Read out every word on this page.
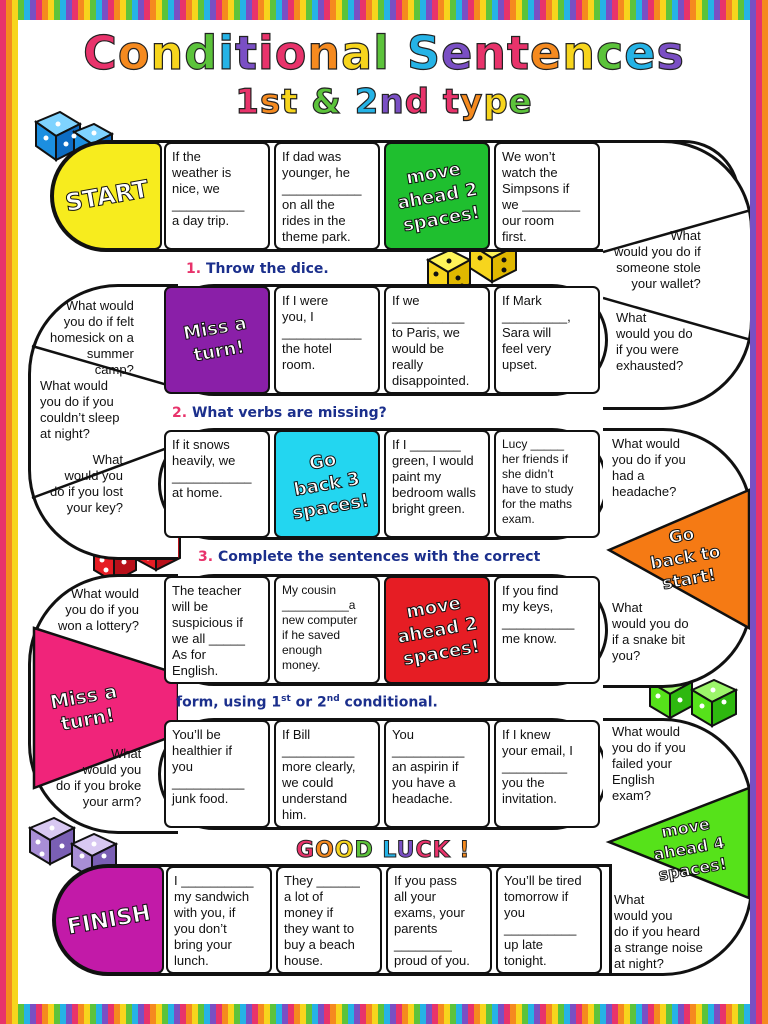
Conditional Sentences
1st & 2nd type
START
If the
weather is
nice, we
__________
a day trip.
If dad was
younger, he
___________
on all the
rides in the
theme park.
move
ahead 2
spaces!
We won’t
watch the
Simpsons if
we ________
our room
first.	What
would you do if
someone stole
your wallet?
1. Throw the dice.
What would
you do if felt
homesick on a
summer
camp?
What would
you do if you
couldn’t sleep
at night?
Miss a
turn!
If I were
you, I
___________
the hotel
room.
If we
__________
to Paris, we
would be
really
disappointed.
If Mark
_________,
Sara will
feel very
upset.
What
would you do
if you were
exhausted?
2. What verbs are missing?
What
would you
do if you lost
your key?
If it snows
heavily, we
___________
at home.
Go
back 3
spaces!
If I _______
green, I would
paint my
bedroom walls
bright green.
Lucy _____
her friends if
she didn’t
have to study
for the maths
exam.
What would
you do if you
had a
headache?
Go
back to
start!
What
would you do
if a snake bit
you?
3. Complete the sentences with the correct
What would
you do if you
won a lottery?
Miss a
turn!
What
would you
do if you broke
your arm?
The teacher
will be
suspicious if
we all _____
As for
English.
My cousin
__________a
new computer
if he saved
enough
money.
move
ahead 2
spaces!
If you find
my keys,
__________
me know.
form, using 1st or 2nd conditional.
You’ll be
healthier if
you
__________
junk food.
If Bill
__________
more clearly,
we could
understand
him.
You
__________
an aspirin if
you have a
headache.
If I knew
your email, I
_________
you the
invitation.
What would
you do if you
failed your
English
exam?
move
ahead 4
spaces!
What
would you
do if you heard
a strange noise
at night?
GOOD LUCK !
FINISH
I __________
my sandwich
with you, if
you don’t
bring your
lunch.
They ______
a lot of
money if
they want to
buy a beach
house.
If you pass
all your
exams, your
parents
________
proud of you.
You’ll be tired
tomorrow if
you
__________
up late
tonight.
